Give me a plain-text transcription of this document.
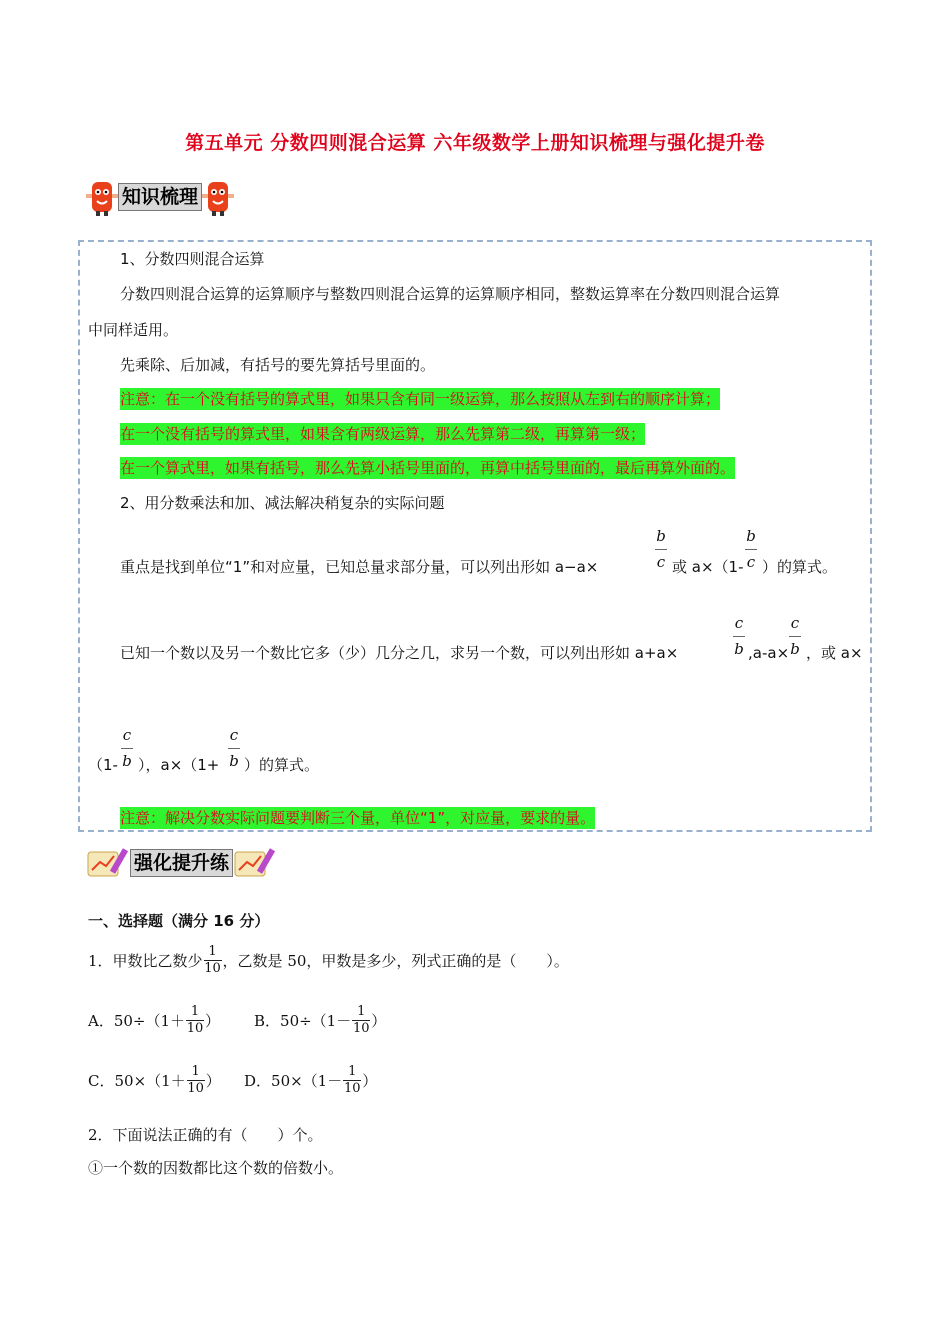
第五单元 分数四则混合运算 六年级数学上册知识梳理与强化提升卷
知识梳理
1、分数四则混合运算
分数四则混合运算的运算顺序与整数四则混合运算的运算顺序相同，整数运算率在分数四则混合运算
中同样适用。
先乘除、后加减，有括号的要先算括号里面的。
注意：在一个没有括号的算式里，如果只含有同一级运算，那么按照从左到右的顺序计算；
在一个没有括号的算式里，如果含有两级运算，那么先算第二级，再算第一级；
在一个算式里，如果有括号，那么先算小括号里面的，再算中括号里面的，最后再算外面的。
2、用分数乘法和加、减法解决稍复杂的实际问题
重点是找到单位“1”和对应量，已知总量求部分量，可以列出形如 a−a×
b
c 或 a×（1-
b
c ）的算式。
已知一个数以及另一个数比它多（少）几分之几，求另一个数，可以列出形如 a+a×
c
b ,a-a×
c
b ，或 a×
（1-
c
b ），a×（1+
c
b ）的算式。
注意：解决分数实际问题要判断三个量，单位“1”，对应量，要求的量。
强化提升练
一、选择题（满分 16 分）
1．甲数比乙数少 1
10 ，乙数是 50，甲数是多少，列式正确的是（　　）。
A．50÷（1＋ 1
10 ） B．50÷（1－ 1
10 ）
C．50×（1＋ 1
10 ） D．50×（1－ 1
10 ）
2．下面说法正确的有（　　）个。
①一个数的因数都比这个数的倍数小。
